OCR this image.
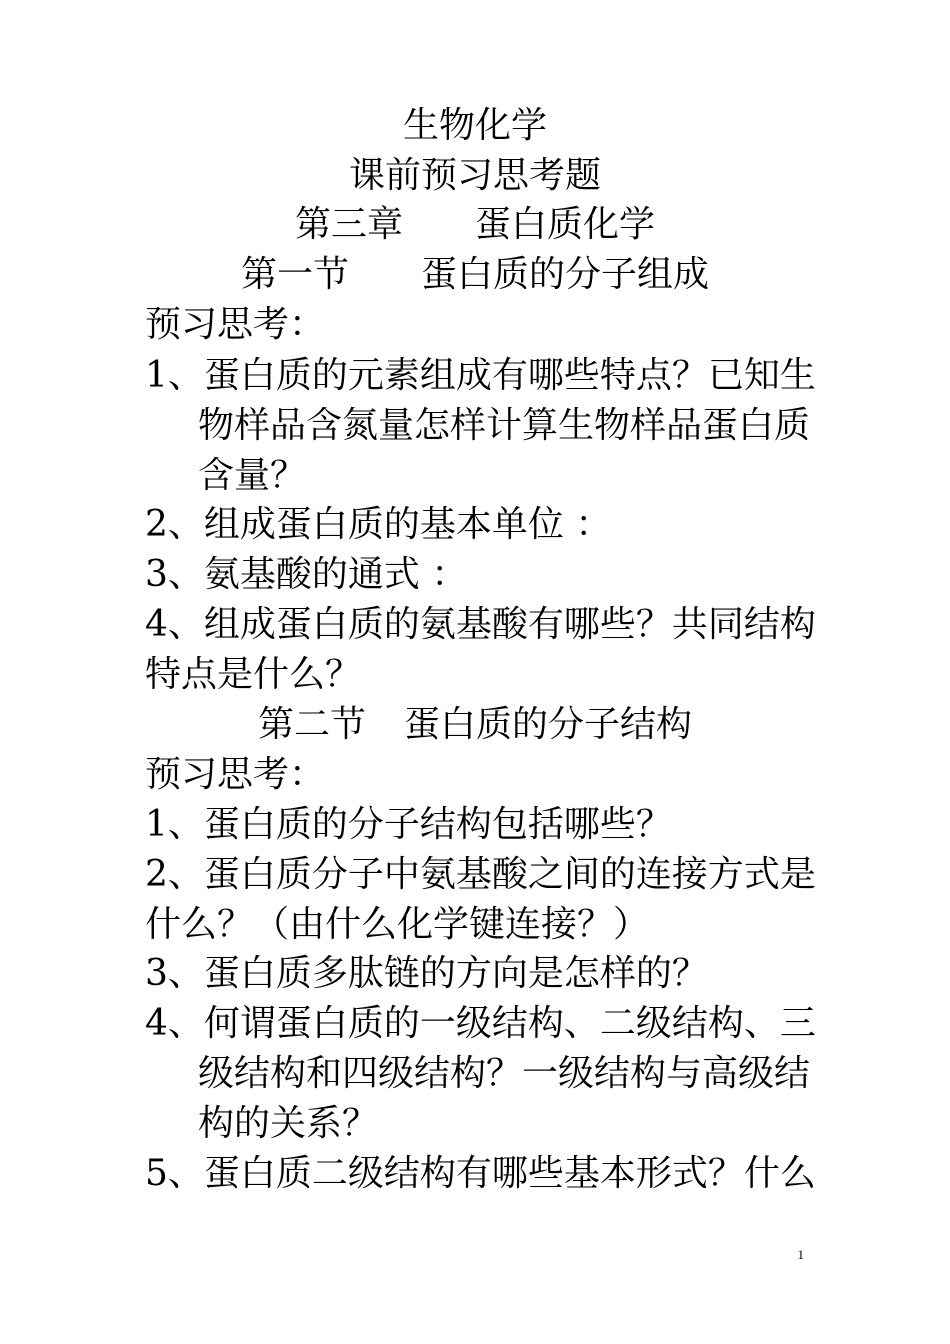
生物化学
课前预习思考题
第三章 蛋白质化学
第一节 蛋白质的分子组成
预习思考：
1、蛋白质的元素组成有哪些特点？已知生
物样品含氮量怎样计算生物样品蛋白质
含量？
2、组成蛋白质的基本单位 ：
3、氨基酸的通式 ：
4、组成蛋白质的氨基酸有哪些？共同结构
特点是什么？
第二节 蛋白质的分子结构
预习思考：
1、蛋白质的分子结构包括哪些？
2、蛋白质分子中氨基酸之间的连接方式是
什么？（由什么化学键连接？）
3、蛋白质多肽链的方向是怎样的？
4、何谓蛋白质的一级结构、二级结构、三
级结构和四级结构？一级结构与高级结
构的关系？
5、蛋白质二级结构有哪些基本形式？什么
1
